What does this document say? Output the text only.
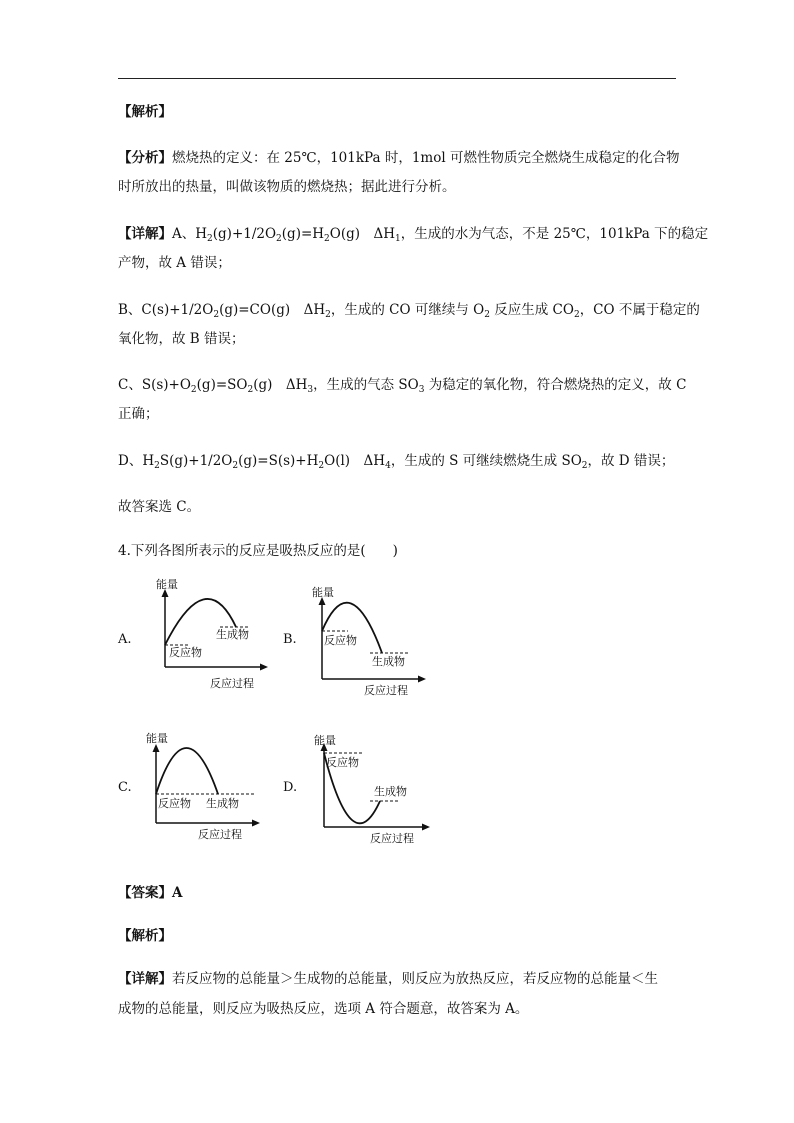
【解析】
【分析】燃烧热的定义：在 25℃，101kPa 时，1mol 可燃性物质完全燃烧生成稳定的化合物
时所放出的热量，叫做该物质的燃烧热；据此进行分析。
【详解】A、$H_2(g)+1/2O_2(g)=H_2O(g)$　$\Delta H_1$，生成的水为气态，不是 25℃，101kPa 下的稳定
产物，故 A 错误；
B、$C(s)+1/2O_2(g)=CO(g)$　$\Delta H_2$，生成的 CO 可继续与 $O_2$ 反应生成 $CO_2$，CO 不属于稳定的
氧化物，故 B 错误；
C、$S(s)+O_2(g)=SO_2(g)$　$\Delta H_3$，生成的气态 $SO_3$ 为稳定的氧化物，符合燃烧热的定义，故 C
正确；
D、$H_2S(g)+1/2O_2(g)=S(s)+H_2O(l)$　$\Delta H_4$，生成的 S 可继续燃烧生成 $SO_2$，故 D 错误；
故答案选 C。
4.下列各图所表示的反应是吸热反应的是(　　)
A.
能量
反应物
生成物
反应过程
B.
能量
反应物
生成物
反应过程
C.
能量
反应物 生成物
反应过程
D.
能量
反应物
生成物
反应过程
【答案】A
【解析】
【详解】若反应物的总能量＞生成物的总能量，则反应为放热反应，若反应物的总能量＜生
成物的总能量，则反应为吸热反应，选项 A 符合题意，故答案为 A。
